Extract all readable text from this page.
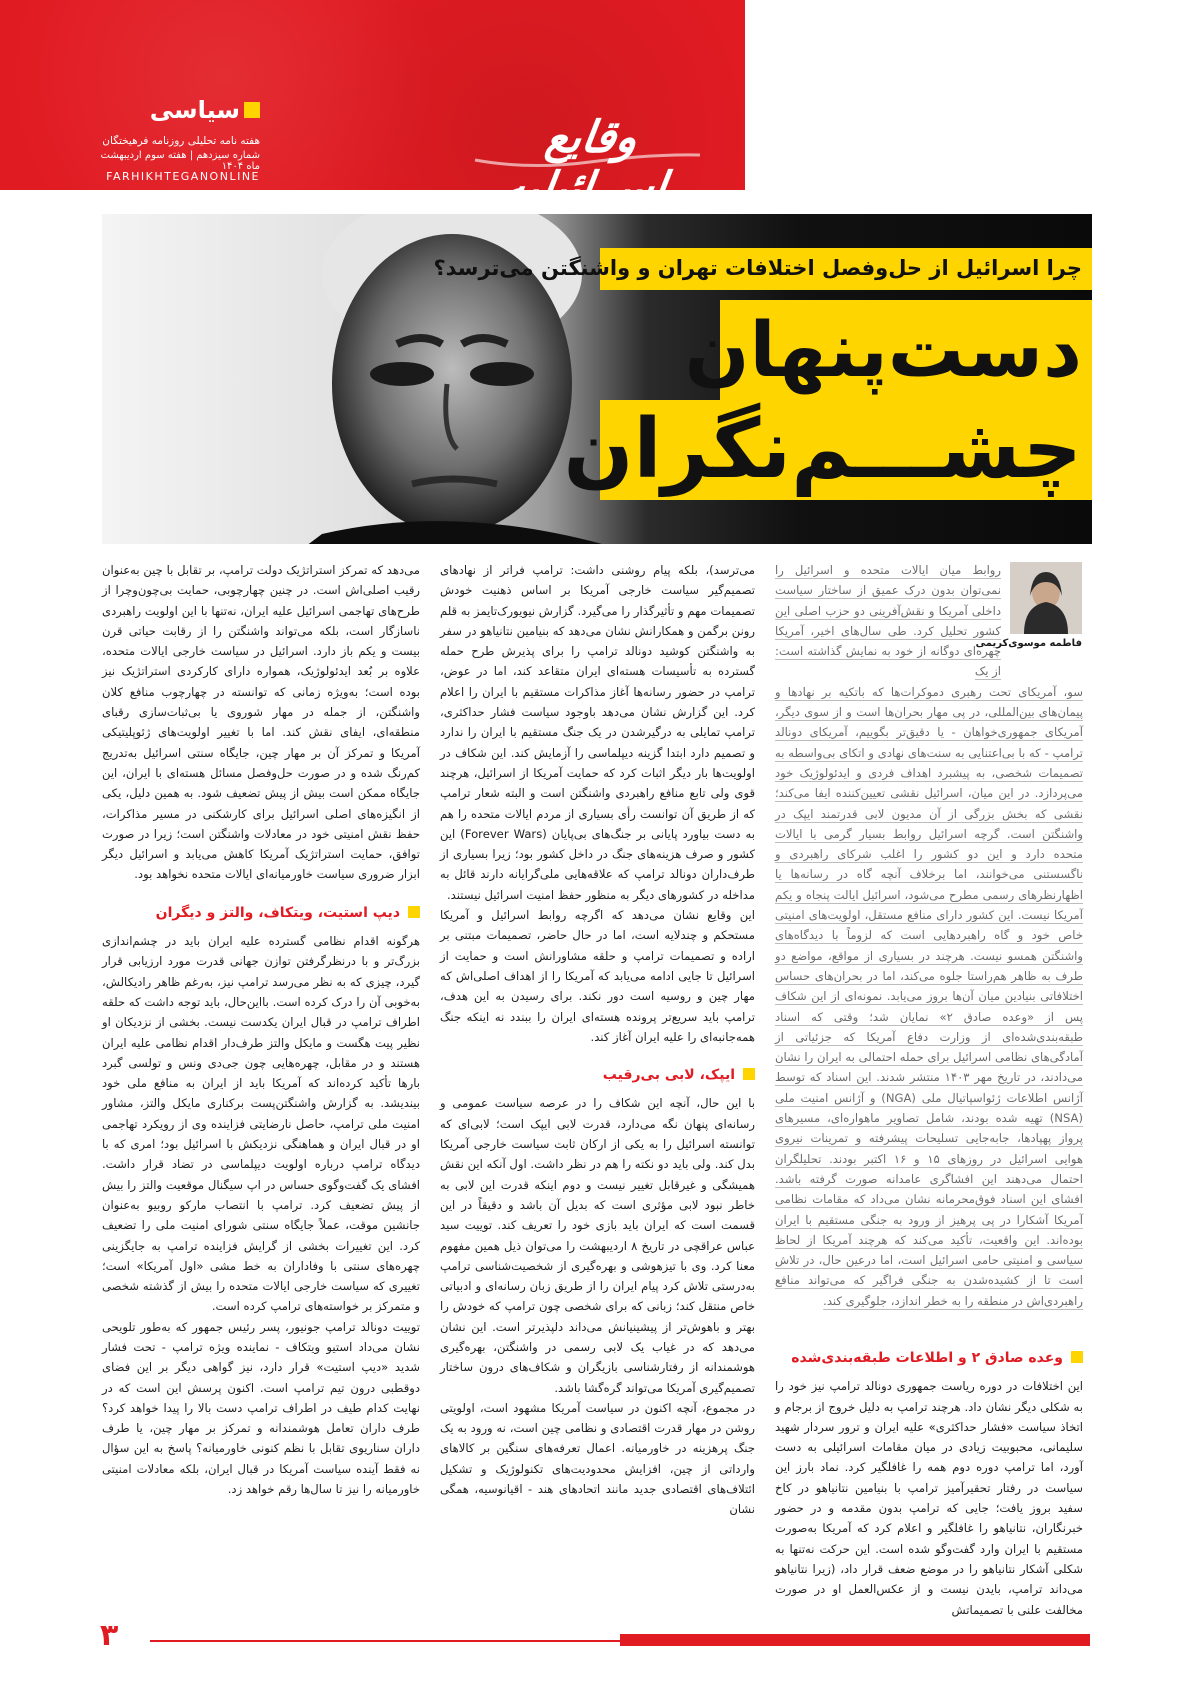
سیاسی
هفته نامه تحلیلی روزنامه فرهیختگان
شماره سیزدهم | هفته سوم اردیبهشت ماه ۱۴۰۴
FARHIKHTEGANONLINE
وقایع اسرائیلیه
چرا اسرائیل از حل‌وفصل اختلافات تهران و واشنگتن می‌ترسد؟
دست‌پنهان
چشـــم‌نگران
فاطمه موسوی‌کریمی

روابط میان ایالات متحده و اسرائیل را نمی‌توان بدون درک عمیق از ساختار سیاست داخلی آمریکا و نقش‌آفرینی دو حزب اصلی این کشور تحلیل کرد. طی سال‌های اخیر، آمریکا چهره‌ای دوگانه از خود به نمایش گذاشته است: از یک

سو، آمریکای تحت رهبری دموکرات‌ها که باتکیه بر نهادها و پیمان‌های بین‌المللی، در پی مهار بحران‌ها است و از سوی دیگر، آمریکای جمهوری‌خواهان - یا دقیق‌تر بگوییم، آمریکای دونالد ترامپ - که با بی‌اعتنایی به سنت‌های نهادی و اتکای بی‌واسطه به تصمیمات شخصی، به پیشبرد اهداف فردی و ایدئولوژیک خود می‌پردازد. در این میان، اسرائیل نقشی تعیین‌کننده ایفا می‌کند؛ نقشی که بخش بزرگی از آن مدیون لابی قدرتمند ایپک در واشنگتن است. گرچه اسرائیل روابط بسیار گرمی با ایالات متحده دارد و این دو کشور را اغلب شرکای راهبردی و ناگسستنی می‌خوانند، اما برخلاف آنچه گاه در رسانه‌ها یا اظهارنظرهای رسمی مطرح می‌شود، اسرائیل ایالت پنجاه و یکم آمریکا نیست. این کشور دارای منافع مستقل، اولویت‌های امنیتی خاص خود و گاه راهبردهایی است که لزوماً با دیدگاه‌های واشنگتن همسو نیست. هرچند در بسیاری از مواقع، مواضع دو طرف به ظاهر هم‌راستا جلوه می‌کند، اما در بحران‌های حساس اختلافاتی بنیادین میان آن‌ها بروز می‌یابد. نمونه‌ای از این شکاف پس از «وعده صادق ۲» نمایان شد؛ وقتی که اسناد طبقه‌بندی‌شده‌ای از وزارت دفاع آمریکا که جزئیاتی از آمادگی‌های نظامی اسرائیل برای حمله احتمالی به ایران را نشان می‌دادند، در تاریخ مهر ۱۴۰۳ منتشر شدند. این اسناد که توسط آژانس اطلاعات ژئواسپاتیال ملی (NGA) و آژانس امنیت ملی (NSA) تهیه شده بودند، شامل تصاویر ماهواره‌ای، مسیرهای پرواز پهپادها، جابه‌جایی تسلیحات پیشرفته و تمرینات نیروی هوایی اسرائیل در روزهای ۱۵ و ۱۶ اکتبر بودند. تحلیلگران احتمال می‌دهند این افشاگری عامدانه صورت گرفته باشد. افشای این اسناد فوق‌محرمانه نشان می‌داد که مقامات نظامی آمریکا آشکارا در پی پرهیز از ورود به جنگی مستقیم با ایران بوده‌اند. این واقعیت، تأکید می‌کند که هرچند آمریکا از لحاظ سیاسی و امنیتی حامی اسرائیل است، اما درعین حال، در تلاش است تا از کشیده‌شدن به جنگی فراگیر که می‌تواند منافع راهبردی‌اش در منطقه را به خطر اندازد، جلوگیری کند.

وعده صادق ۲ و اطلاعات طبقه‌بندی‌شده

این اختلافات در دوره ریاست جمهوری دونالد ترامپ نیز خود را به شکلی دیگر نشان داد. هرچند ترامپ به دلیل خروج از برجام و اتخاذ سیاست «فشار حداکثری» علیه ایران و ترور سردار شهید سلیمانی، محبوبیت زیادی در میان مقامات اسرائیلی به دست آورد، اما ترامپ دوره دوم همه را غافلگیر کرد. نماد بارز این سیاست در رفتار تحقیرآمیز ترامپ با بنیامین نتانیاهو در کاخ سفید بروز یافت؛ جایی که ترامپ بدون مقدمه و در حضور خبرنگاران، نتانیاهو را غافلگیر و اعلام کرد که آمریکا به‌صورت مستقیم با ایران وارد گفت‌وگو شده است. این حرکت نه‌تنها به شکلی آشکار نتانیاهو را در موضع ضعف قرار داد، (زیرا نتانیاهو می‌داند ترامپ، بایدن نیست و از عکس‌العمل او در صورت مخالفت علنی با تصمیماتش

می‌ترسد)، بلکه پیام روشنی داشت: ترامپ فراتر از نهادهای تصمیم‌گیر سیاست خارجی آمریکا بر اساس ذهنیت خودش تصمیمات مهم و تأثیرگذار را می‌گیرد. گزارش نیویورک‌تایمز به قلم رونن برگمن و همکارانش نشان می‌دهد که بنیامین نتانیاهو در سفر به واشنگتن کوشید دونالد ترامپ را برای پذیرش طرح حمله گسترده به تأسیسات هسته‌ای ایران متقاعد کند، اما در عوض، ترامپ در حضور رسانه‌ها آغاز مذاکرات مستقیم با ایران را اعلام کرد. این گزارش نشان می‌دهد باوجود سیاست فشار حداکثری، ترامپ تمایلی به درگیرشدن در یک جنگ مستقیم با ایران را ندارد و تصمیم دارد ابتدا گزینه دیپلماسی را آزمایش کند. این شکاف در اولویت‌ها بار دیگر اثبات کرد که حمایت آمریکا از اسرائیل، هرچند قوی ولی تابع منافع راهبردی واشنگتن است و البته شعار ترامپ که از طریق آن توانست رأی بسیاری از مردم ایالات متحده را هم به دست بیاورد پایانی بر جنگ‌های بی‌پایان (Forever Wars) این کشور و صرف هزینه‌های جنگ در داخل کشور بود؛ زیرا بسیاری از طرف‌داران دونالد ترامپ که علاقه‌هایی ملی‌گرایانه دارند قائل به مداخله در کشورهای دیگر به منظور حفظ امنیت اسرائیل نیستند.

این وقایع نشان می‌دهد که اگرچه روابط اسرائیل و آمریکا مستحکم و چندلایه است، اما در حال حاضر، تصمیمات مبتنی بر اراده و تصمیمات ترامپ و حلقه مشاورانش است و حمایت از اسرائیل تا جایی ادامه می‌یابد که آمریکا را از اهداف اصلی‌اش که مهار چین و روسیه است دور نکند. برای رسیدن به این هدف، ترامپ باید سریع‌تر پرونده هسته‌ای ایران را ببندد نه اینکه جنگ همه‌جانبه‌ای را علیه ایران آغاز کند.

ایپک، لابی بی‌رقیب

با این حال، آنچه این شکاف را در عرصه سیاست عمومی و رسانه‌ای پنهان نگه می‌دارد، قدرت لابی ایپک است؛ لابی‌ای که توانسته اسرائیل را به یکی از ارکان ثابت سیاست خارجی آمریکا بدل کند. ولی باید دو نکته را هم در نظر داشت. اول آنکه این نقش همیشگی و غیرقابل تغییر نیست و دوم اینکه قدرت این لابی به خاطر نبود لابی مؤثری است که بدیل آن باشد و دقیقاً در این قسمت است که ایران باید بازی خود را تعریف کند. توییت سید عباس عراقچی در تاریخ ۸ اردیبهشت را می‌توان ذیل همین مفهوم معنا کرد. وی با تیزهوشی و بهره‌گیری از شخصیت‌شناسی ترامپ به‌درستی تلاش کرد پیام ایران را از طریق زبان رسانه‌ای و ادبیاتی خاص منتقل کند؛ زبانی که برای شخصی چون ترامپ که خودش را بهتر و باهوش‌تر از پیشینیانش می‌داند دلپذیرتر است. این نشان می‌دهد که در غیاب یک لابی رسمی در واشنگتن، بهره‌گیری هوشمندانه از رفتارشناسی بازیگران و شکاف‌های درون ساختار تصمیم‌گیری آمریکا می‌تواند گره‌گشا باشد.

در مجموع، آنچه اکنون در سیاست آمریکا مشهود است، اولویتی روشن در مهار قدرت اقتصادی و نظامی چین است، نه ورود به یک جنگ پرهزینه در خاورمیانه. اعمال تعرفه‌های سنگین بر کالاهای وارداتی از چین، افزایش محدودیت‌های تکنولوژیک و تشکیل ائتلاف‌های اقتصادی جدید مانند اتحادهای هند - اقیانوسیه، همگی نشان

می‌دهد که تمرکز استراتژیک دولت ترامپ، بر تقابل با چین به‌عنوان رقیب اصلی‌اش است. در چنین چهارچوبی، حمایت بی‌چون‌وچرا از طرح‌های تهاجمی اسرائیل علیه ایران، نه‌تنها با این اولویت راهبردی ناسازگار است، بلکه می‌تواند واشنگتن را از رقابت حیاتی قرن بیست و یکم باز دارد. اسرائیل در سیاست خارجی ایالات متحده، علاوه بر بُعد ایدئولوژیک، همواره دارای کارکردی استراتژیک نیز بوده است؛ به‌ویژه زمانی که توانسته در چهارچوب منافع کلان واشنگتن، از جمله در مهار شوروی یا بی‌ثبات‌سازی رقبای منطقه‌ای، ایفای نقش کند. اما با تغییر اولویت‌های ژئوپلیتیکی آمریکا و تمرکز آن بر مهار چین، جایگاه سنتی اسرائیل به‌تدریج کم‌رنگ شده و در صورت حل‌وفصل مسائل هسته‌ای با ایران، این جایگاه ممکن است بیش از پیش تضعیف شود. به همین دلیل، یکی از انگیزه‌های اصلی اسرائیل برای کارشکنی در مسیر مذاکرات، حفظ نقش امنیتی خود در معادلات واشنگتن است؛ زیرا در صورت توافق، حمایت استراتژیک آمریکا کاهش می‌یابد و اسرائیل دیگر ابزار ضروری سیاست خاورمیانه‌ای ایالات متحده نخواهد بود.

دیپ استیت، ویتکاف، والتز و دیگران

هرگونه اقدام نظامی گسترده علیه ایران باید در چشم‌اندازی بزرگ‌تر و با درنظرگرفتن توازن جهانی قدرت مورد ارزیابی قرار گیرد، چیزی که به نظر می‌رسد ترامپ نیز، به‌رغم ظاهر رادیکالش، به‌خوبی آن را درک کرده است. بااین‌حال، باید توجه داشت که حلقه اطراف ترامپ در قبال ایران یکدست نیست. بخشی از نزدیکان او نظیر پیت هگست و مایکل والتز طرف‌دار اقدام نظامی علیه ایران هستند و در مقابل، چهره‌هایی چون جی‌دی ونس و تولسی گبرد بارها تأکید کرده‌اند که آمریکا باید از ایران به منافع ملی خود بیندیشد. به گزارش واشنگتن‌پست برکناری مایکل والتز، مشاور امنیت ملی ترامپ، حاصل نارضایتی فزاینده وی از رویکرد تهاجمی او در قبال ایران و هماهنگی نزدیکش با اسرائیل بود؛ امری که با دیدگاه ترامپ درباره اولویت دیپلماسی در تضاد قرار داشت. افشای یک گفت‌وگوی حساس در اپ سیگنال موقعیت والتز را بیش از پیش تضعیف کرد. ترامپ با انتصاب مارکو روبیو به‌عنوان جانشین موقت، عملاً جایگاه سنتی شورای امنیت ملی را تضعیف کرد. این تغییرات بخشی از گرایش فزاینده ترامپ به جایگزینی چهره‌های سنتی با وفاداران به خط مشی «اول آمریکا» است؛ تغییری که سیاست خارجی ایالات متحده را بیش از گذشته شخصی و متمرکز بر خواسته‌های ترامپ کرده است.

توییت دونالد ترامپ جونیور، پسر رئیس جمهور که به‌طور تلویحی نشان می‌داد استیو ویتکاف - نماینده ویژه ترامپ - تحت فشار شدید «دیپ استیت» قرار دارد، نیز گواهی دیگر بر این فضای دوقطبی درون تیم ترامپ است. اکنون پرسش این است که در نهایت کدام طیف در اطراف ترامپ دست بالا را پیدا خواهد کرد؟ طرف داران تعامل هوشمندانه و تمرکز بر مهار چین، یا طرف داران سناریوی تقابل با نظم کنونی خاورمیانه؟ پاسخ به این سؤال نه فقط آینده سیاست آمریکا در قبال ایران، بلکه معادلات امنیتی خاورمیانه را نیز تا سال‌ها رقم خواهد زد.

۳
